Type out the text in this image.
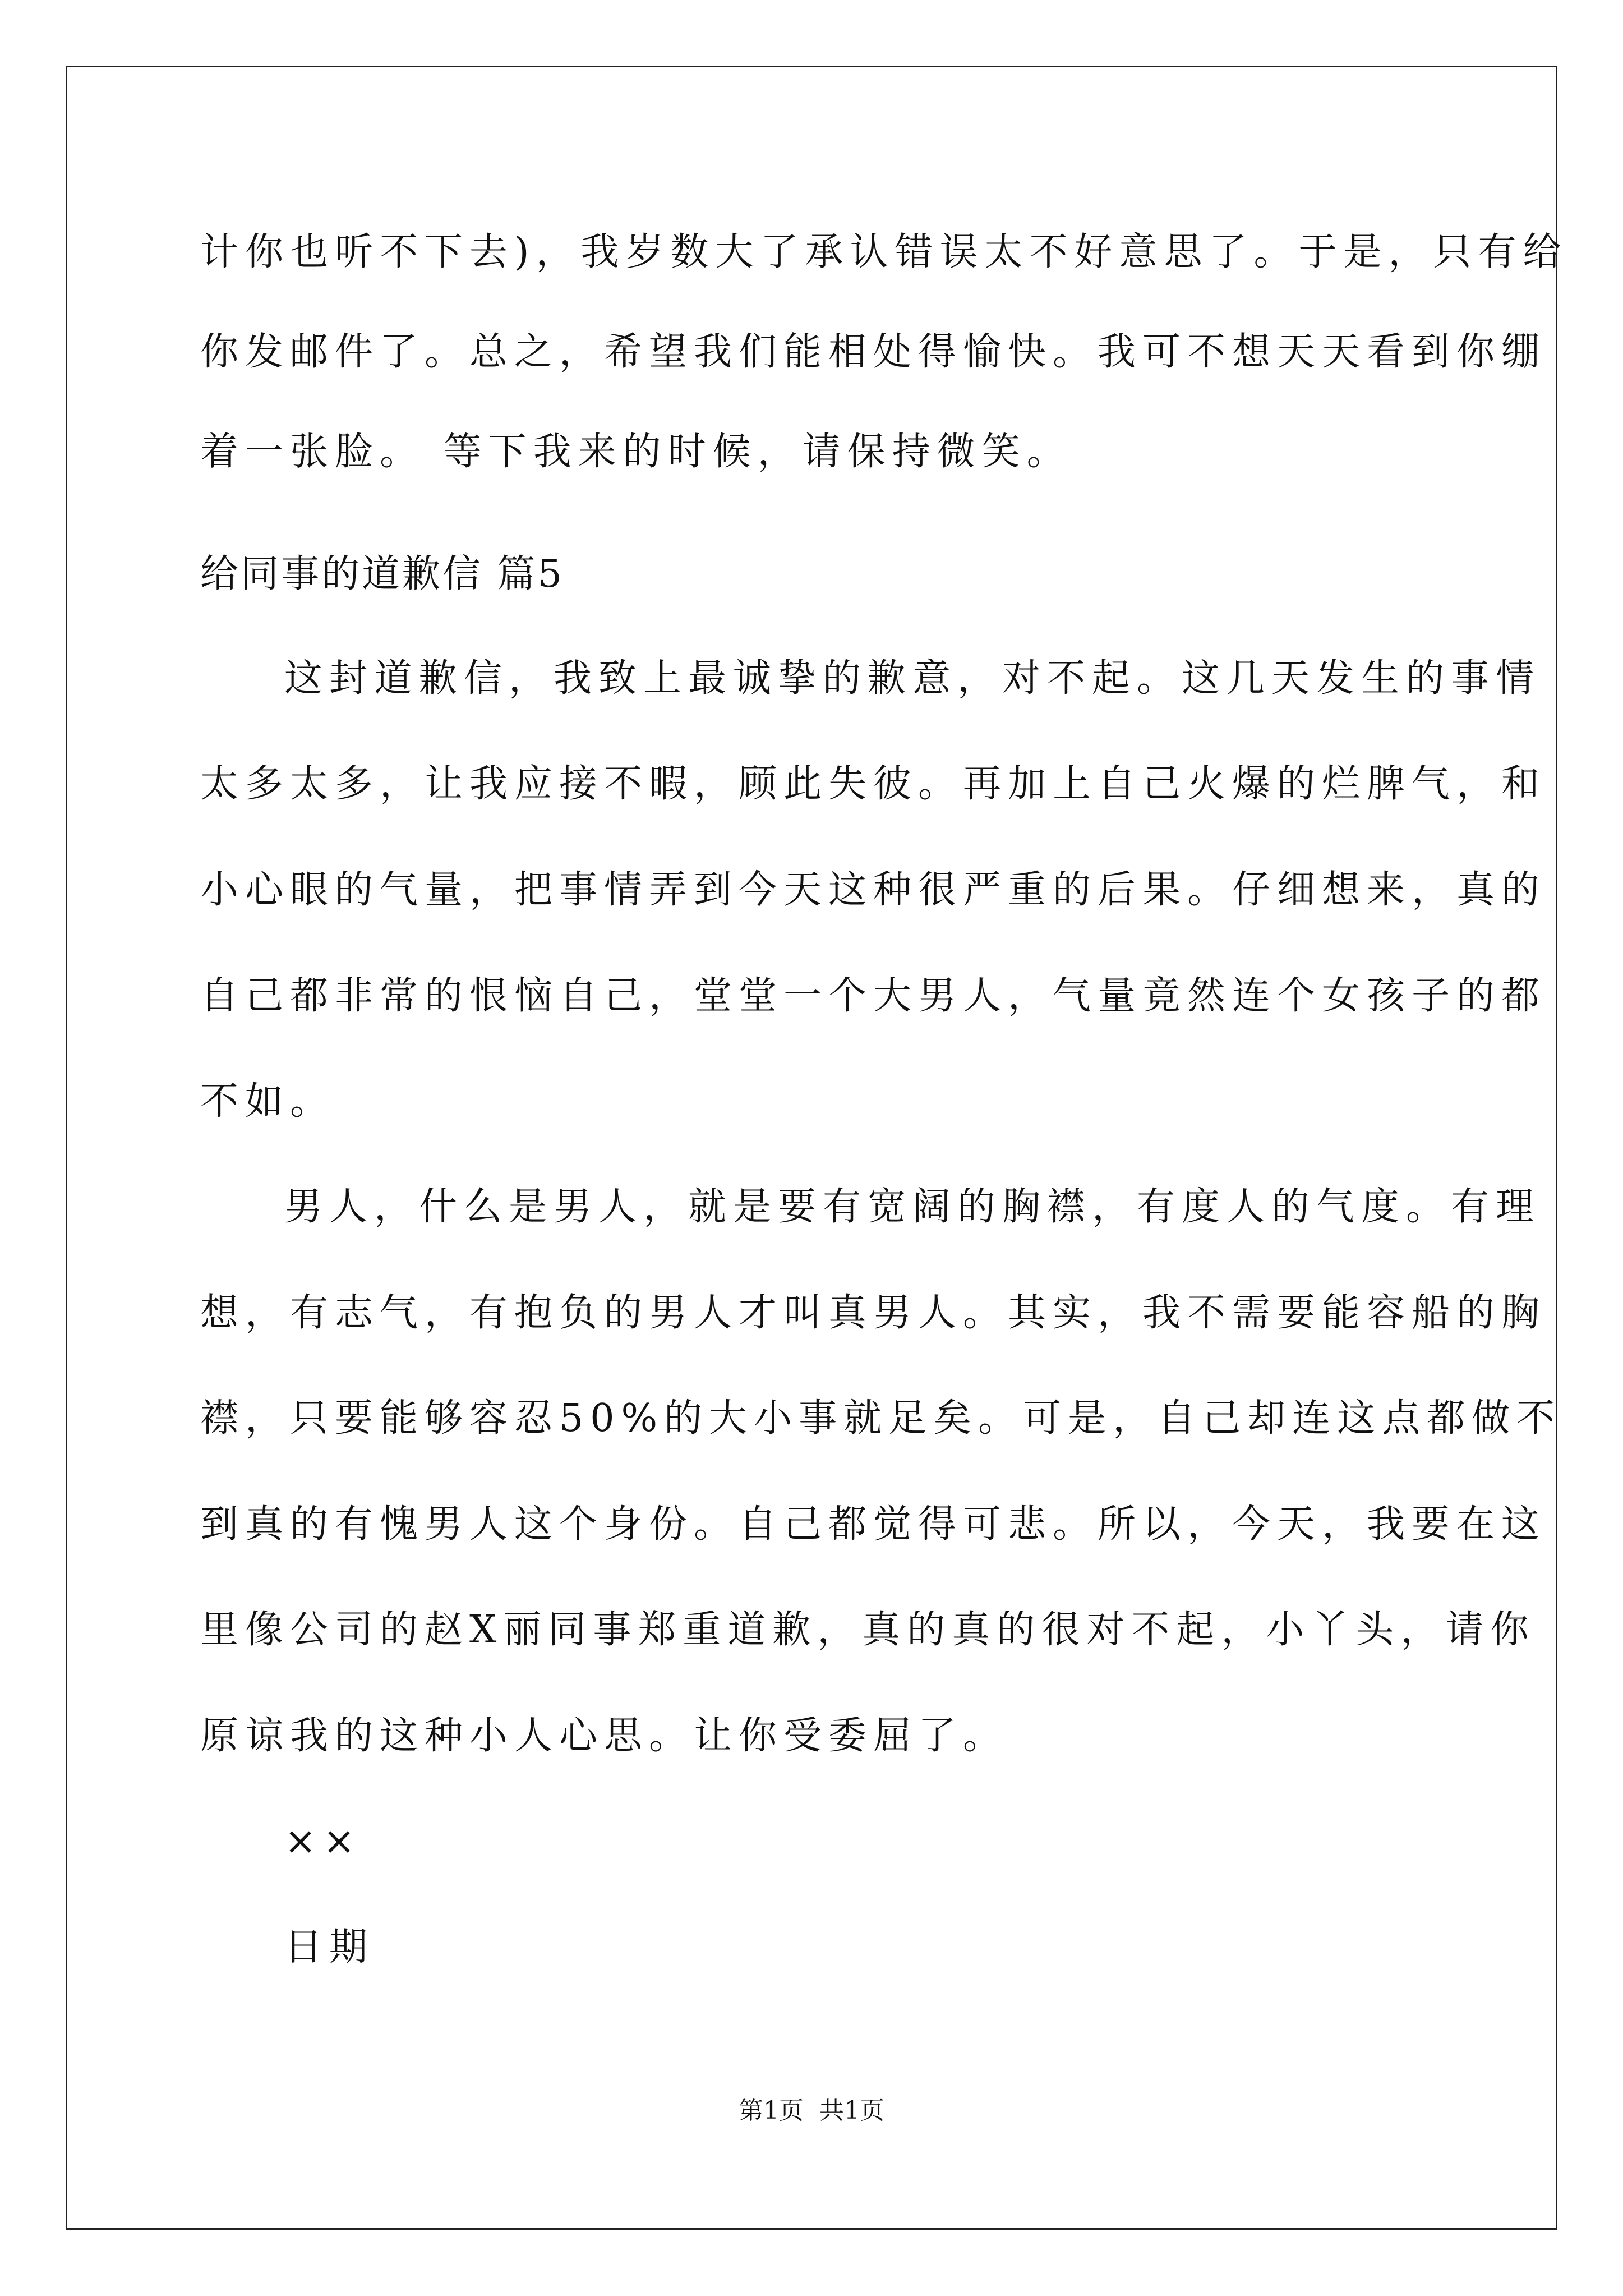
计你也听不下去)，我岁数大了承认错误太不好意思了。于是，只有给
你发邮件了。总之，希望我们能相处得愉快。我可不想天天看到你绷
着一张脸。 等下我来的时候，请保持微笑。
给同事的道歉信 篇5
这封道歉信，我致上最诚挚的歉意，对不起。这几天发生的事情
太多太多，让我应接不暇，顾此失彼。再加上自己火爆的烂脾气，和
小心眼的气量，把事情弄到今天这种很严重的后果。仔细想来，真的
自己都非常的恨恼自己，堂堂一个大男人，气量竟然连个女孩子的都
不如。
男人，什么是男人，就是要有宽阔的胸襟，有度人的气度。有理
想，有志气，有抱负的男人才叫真男人。其实，我不需要能容船的胸
襟，只要能够容忍50%的大小事就足矣。可是，自己却连这点都做不
到真的有愧男人这个身份。自己都觉得可悲。所以，今天，我要在这
里像公司的赵X丽同事郑重道歉，真的真的很对不起，小丫头，请你
原谅我的这种小人心思。让你受委屈了。
××
日期
第1页  共1页
